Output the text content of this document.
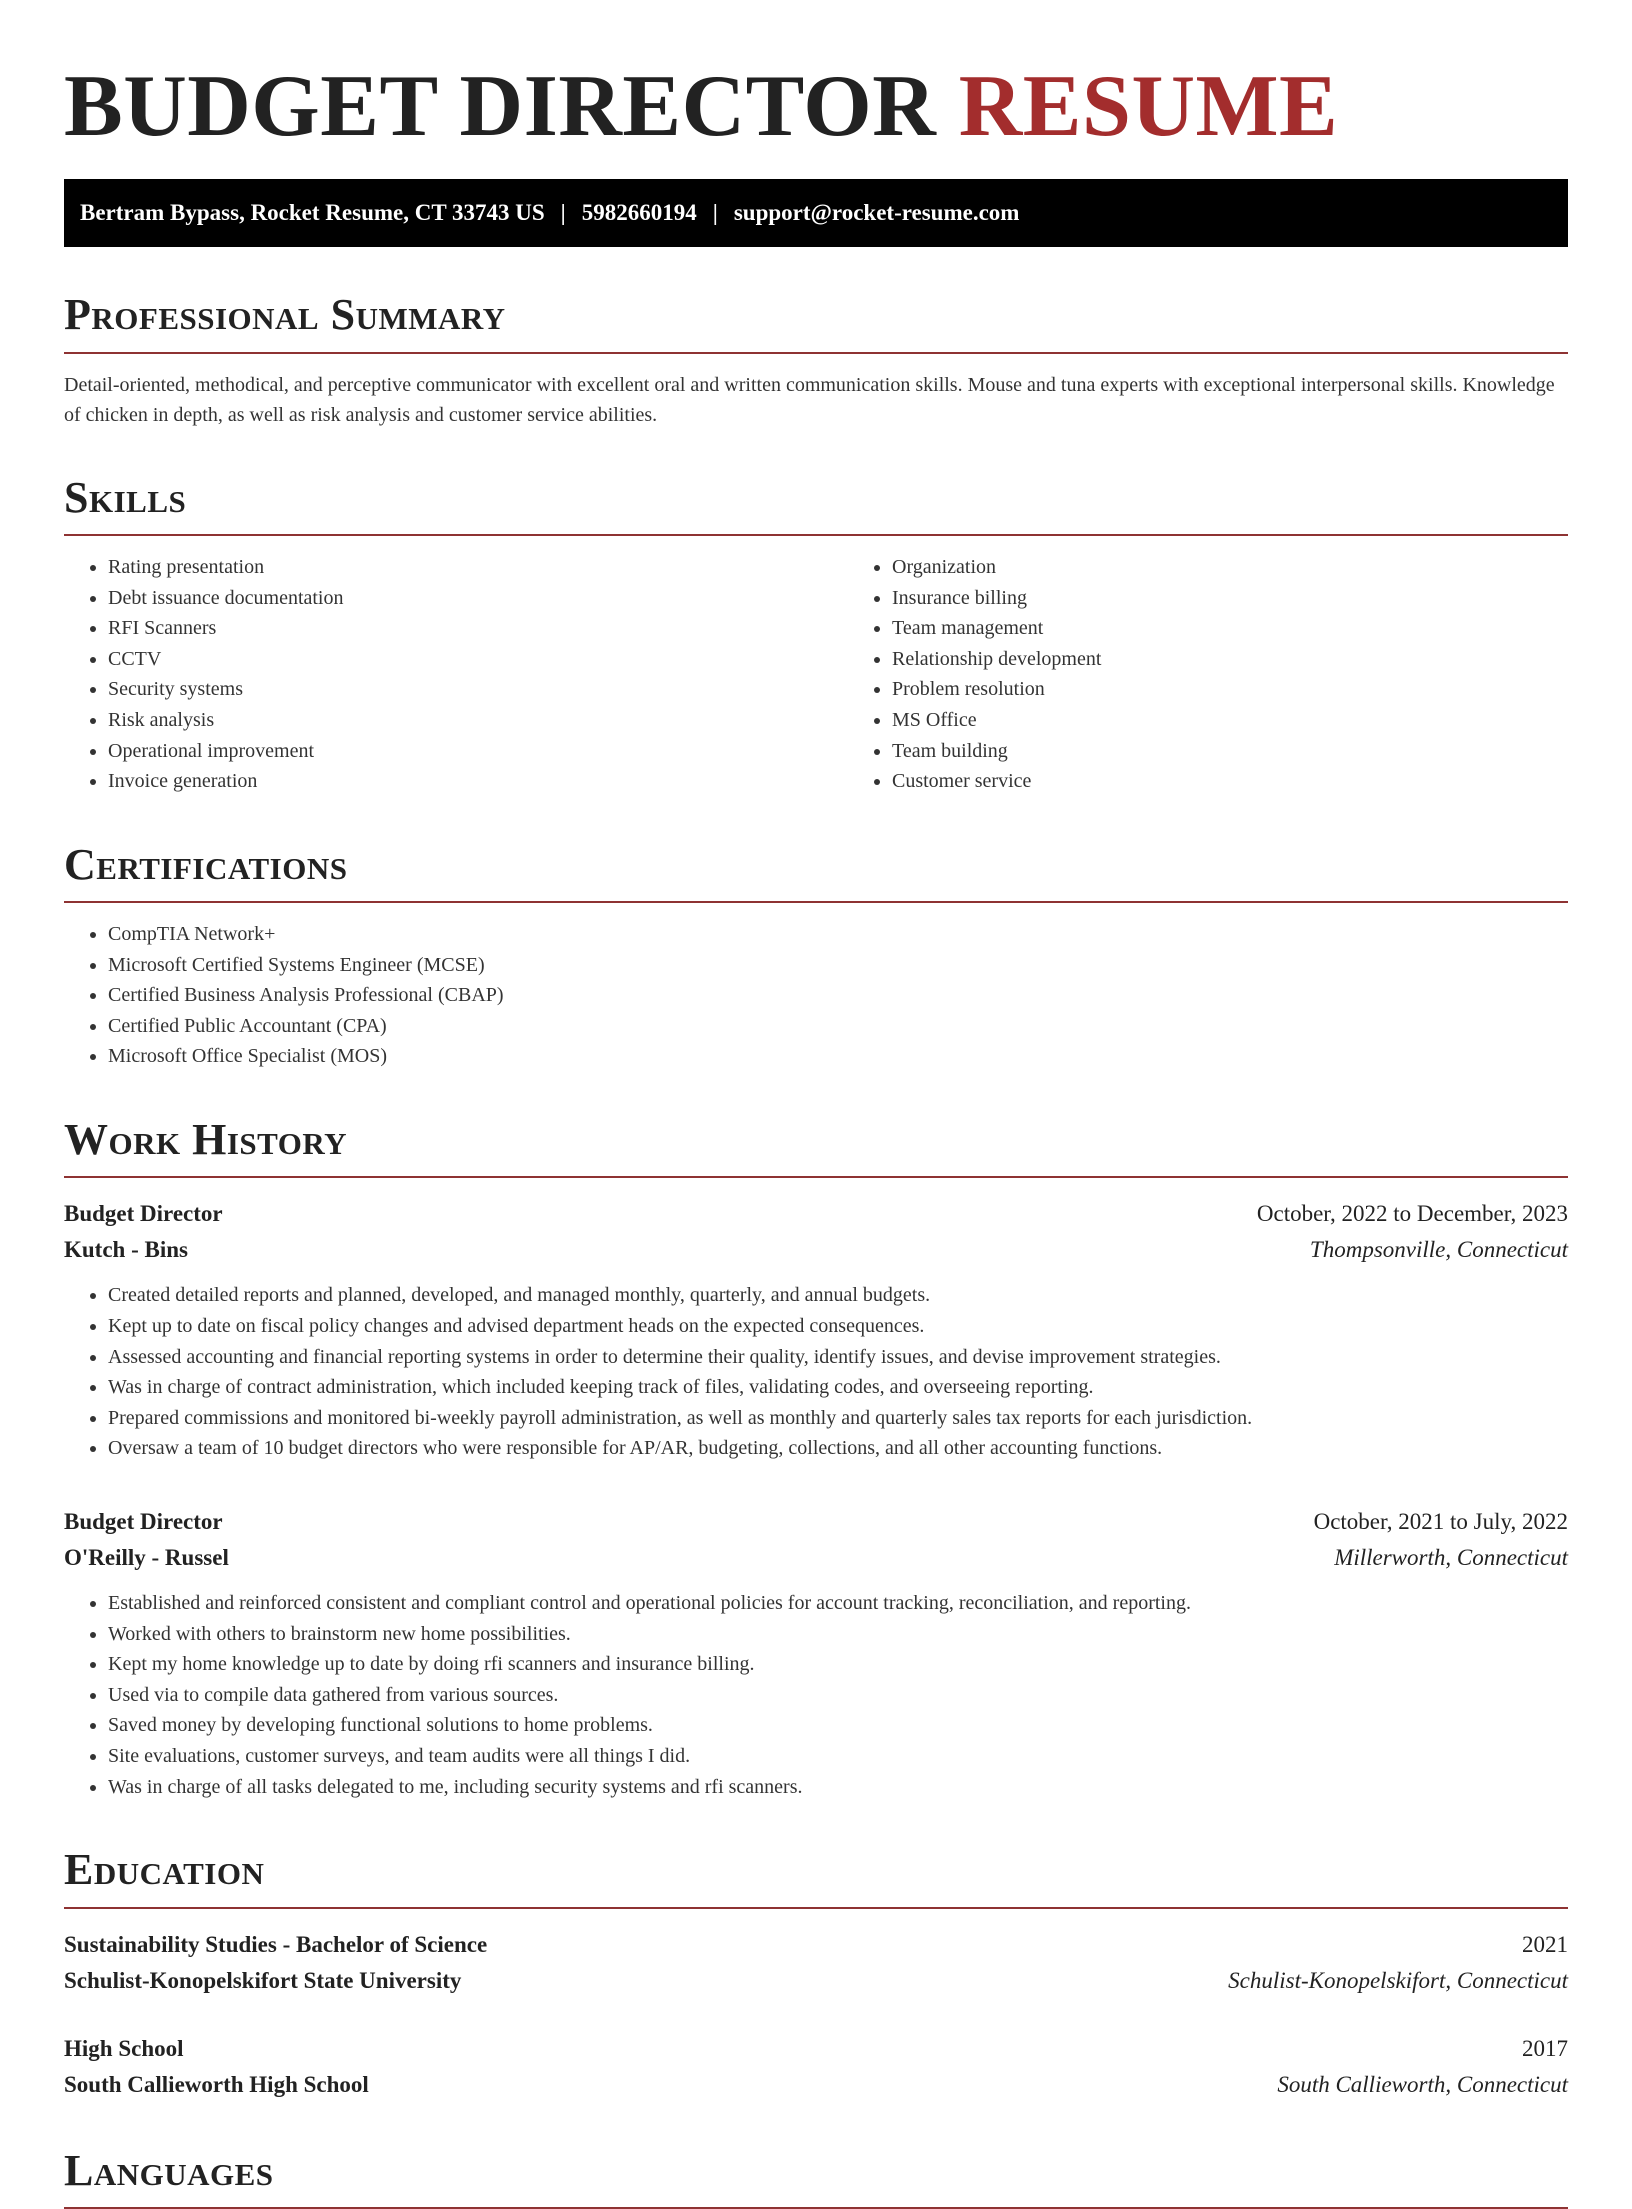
BUDGET DIRECTOR RESUME
Bertram Bypass, Rocket Resume, CT 33743 US | 5982660194 | support@rocket-resume.com
Professional Summary

Detail-oriented, methodical, and perceptive communicator with excellent oral and written communication skills. Mouse and tuna experts with exceptional interpersonal skills. Knowledge of chicken in depth, as well as risk analysis and customer service abilities.

Skills
• Rating presentation
• Debt issuance documentation
• RFI Scanners
• CCTV
• Security systems
• Risk analysis
• Operational improvement
• Invoice generation
• Organization
• Insurance billing
• Team management
• Relationship development
• Problem resolution
• MS Office
• Team building
• Customer service
Certifications
• CompTIA Network+
• Microsoft Certified Systems Engineer (MCSE)
• Certified Business Analysis Professional (CBAP)
• Certified Public Accountant (CPA)
• Microsoft Office Specialist (MOS)
Work History
Budget Director	October, 2022 to December, 2023
Kutch - Bins	Thompsonville, Connecticut
• Created detailed reports and planned, developed, and managed monthly, quarterly, and annual budgets.
• Kept up to date on fiscal policy changes and advised department heads on the expected consequences.
• Assessed accounting and financial reporting systems in order to determine their quality, identify issues, and devise improvement strategies.
• Was in charge of contract administration, which included keeping track of files, validating codes, and overseeing reporting.
• Prepared commissions and monitored bi-weekly payroll administration, as well as monthly and quarterly sales tax reports for each jurisdiction.
• Oversaw a team of 10 budget directors who were responsible for AP/AR, budgeting, collections, and all other accounting functions.
Budget Director	October, 2021 to July, 2022
O'Reilly - Russel	Millerworth, Connecticut
• Established and reinforced consistent and compliant control and operational policies for account tracking, reconciliation, and reporting.
• Worked with others to brainstorm new home possibilities.
• Kept my home knowledge up to date by doing rfi scanners and insurance billing.
• Used via to compile data gathered from various sources.
• Saved money by developing functional solutions to home problems.
• Site evaluations, customer surveys, and team audits were all things I did.
• Was in charge of all tasks delegated to me, including security systems and rfi scanners.
Education
Sustainability Studies - Bachelor of Science	2021
Schulist-Konopelskifort State University	Schulist-Konopelskifort, Connecticut
High School	2017
South Callieworth High School	South Callieworth, Connecticut
Languages
